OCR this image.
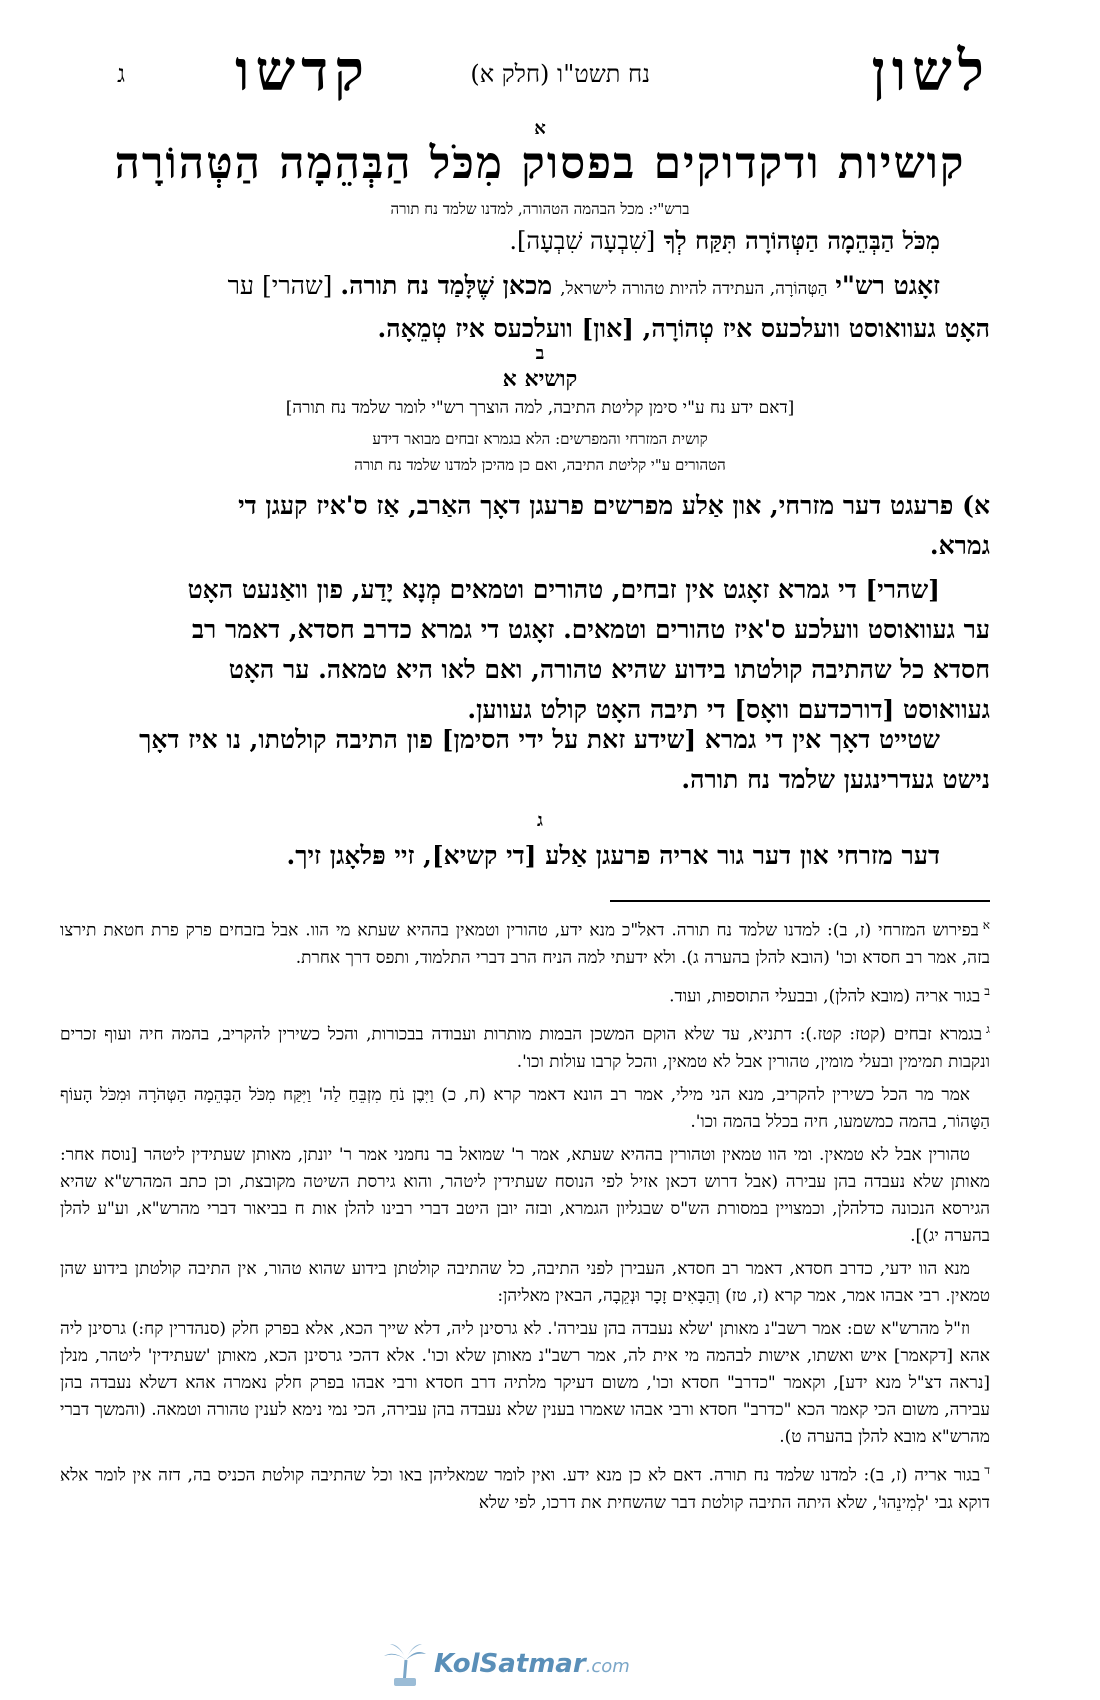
לשון
נח תשט"ו (חלק א)
קדשו
ג
א
קושיות ודקדוקים בפסוק מִכֹּל הַבְּהֵמָה הַטְּהוֹרָה
ברש"י: מכל הבהמה הטהורה, למדנו שלמד נח תורה
מִכֹּל הַבְּהֵמָה הַטְּהוֹרָה תִּקַּח לְךָ [שִׁבְעָה שִׁבְעָה].

זאָגט רש"י הַטְּהוֹרָה, העתידה להיות טהורה לישראל, מכאן שֶׁלָּמַד נח תורה. [שהרי] ער

האָט געוואוסט וועלכעס איז טְהוֹרָה, [און] וועלכעס איז טְמֵאָה.

ב
קושיא א
[דאם ידע נח ע"י סימן קליטת התיבה, למה הוצרך רש"י לומר שלמד נח תורה]
קושית המזרחי והמפרשים: הלא בגמרא זבחים מבואר דידע
הטהורים ע"י קליטת התיבה, ואם כן מהיכן למדנו שלמד נח תורה

א) פרעגט דער מזרחי, און אַלע מפרשים פרעגן דאָך האַרב, אַז ס'איז קעגן די

גמרא.

[שהרי] די גמרא זאָגט אין זבחים, טהורים וטמאים מְנָא יָדַע, פון וואַנעט האָט

ער געוואוסט וועלכע ס'איז טהורים וטמאים. זאָגט די גמרא כדרב חסדא, דאמר רב

חסדא כל שהתיבה קולטתו בידוע שהיא טהורה, ואם לאו היא טמאה. ער האָט

געוואוסט [דורכדעם וואָס] די תיבה האָט קולט געווען.

שטייט דאָך אין די גמרא [שידע זאת על ידי הסימן] פון התיבה קולטתו, נו איז דאָך

נישט געדרינגען שלמד נח תורה.

ג
דער מזרחי און דער גור אריה פרעגן אַלע [די קשיא], זיי פּלאָגן זיך.

$^א$בפירוש המזרחי (ז, ב): למדנו שלמד נח תורה. דאל"כ מנא ידע, טהורין וטמאין בההיא שעתא מי הוו. אבל בזבחים פרק פרת חטאת תירצו בזה, אמר רב חסדא וכו' (הובא להלן בהערה ג). ולא ידעתי למה הניח הרב דברי התלמוד, ותפס דרך אחרת.

$^ב$בגור אריה (מובא להלן), ובבעלי התוספות, ועוד.

$^ג$בגמרא זבחים (קטז: קטז.): דתניא, עד שלא הוקם המשכן הבמות מותרות ועבודה בבכורות, והכל כשירין להקריב, בהמה חיה ועוף זכרים ונקבות תמימין ובעלי מומין, טהורין אבל לא טמאין, והכל קרבו עולות וכו'.

אמר מר הכל כשירין להקריב, מנא הני מילי, אמר רב הונא דאמר קרא (ח, כ) וַיִּבֶן נֹחַ מִזְבֵּחַ לַה' וַיִּקַּח מִכֹּל הַבְּהֵמָה הַטְּהֹרָה וּמִכֹּל הָעוֹף הַטָּהוֹר, בהמה כמשמעו, חיה בכלל בהמה וכו'.

טהורין אבל לא טמאין. ומי הוו טמאין וטהורין בההיא שעתא, אמר ר' שמואל בר נחמני אמר ר' יונתן, מאותן שעתידין ליטהר [נוסח אחר: מאותן שלא נעבדה בהן עבירה (אבל דרוש דכאן אזיל לפי הנוסח שעתידין ליטהר, והוא גירסת השיטה מקובצת, וכן כתב המהרש"א שהיא הגירסא הנכונה כדלהלן, וכמצויין במסורת הש"ס שבגליון הגמרא, ובזה יובן היטב דברי רבינו להלן אות ח בביאור דברי מהרש"א, וע"ע להלן בהערה יג)].

מנא הוו ידעי, כדרב חסדא, דאמר רב חסדא, העבירן לפני התיבה, כל שהתיבה קולטתן בידוע שהוא טהור, אין התיבה קולטתן בידוע שהן טמאין. רבי אבהו אמר, אמר קרא (ז, טז) וְהַבָּאִים זָכָר וּנְקֵבָה, הבאין מאליהן:

וז"ל מהרש"א שם: אמר רשב"נ מאותן 'שלא נעבדה בהן עבירה'. לא גרסינן ליה, דלא שייך הכא, אלא בפרק חלק (סנהדרין קח:) גרסינן ליה אהא [דקאמר] איש ואשתו, אישות לבהמה מי אית לה, אמר רשב"נ מאותן שלא וכו'. אלא דהכי גרסינן הכא, מאותן 'שעתידין' ליטהר, מנלן [נראה דצ"ל מנא ידע], וקאמר "כדרב" חסדא וכו', משום דעיקר מלתיה דרב חסדא ורבי אבהו בפרק חלק נאמרה אהא דשלא נעבדה בהן עבירה, משום הכי קאמר הכא "כדרב" חסדא ורבי אבהו שאמרו בענין שלא נעבדה בהן עבירה, הכי נמי נימא לענין טהורה וטמאה. (והמשך דברי מהרש"א מובא להלן בהערה ט).

$^ד$בגור אריה (ז, ב): למדנו שלמד נח תורה. דאם לא כן מנא ידע. ואין לומר שמאליהן באו וכל שהתיבה קולטת הכניס בה, דזה אין לומר אלא דוקא גבי 'לְמִינֵהוּ', שלא היתה התיבה קולטת דבר שהשחית את דרכו, לפי שלא

KolSatmar.com
